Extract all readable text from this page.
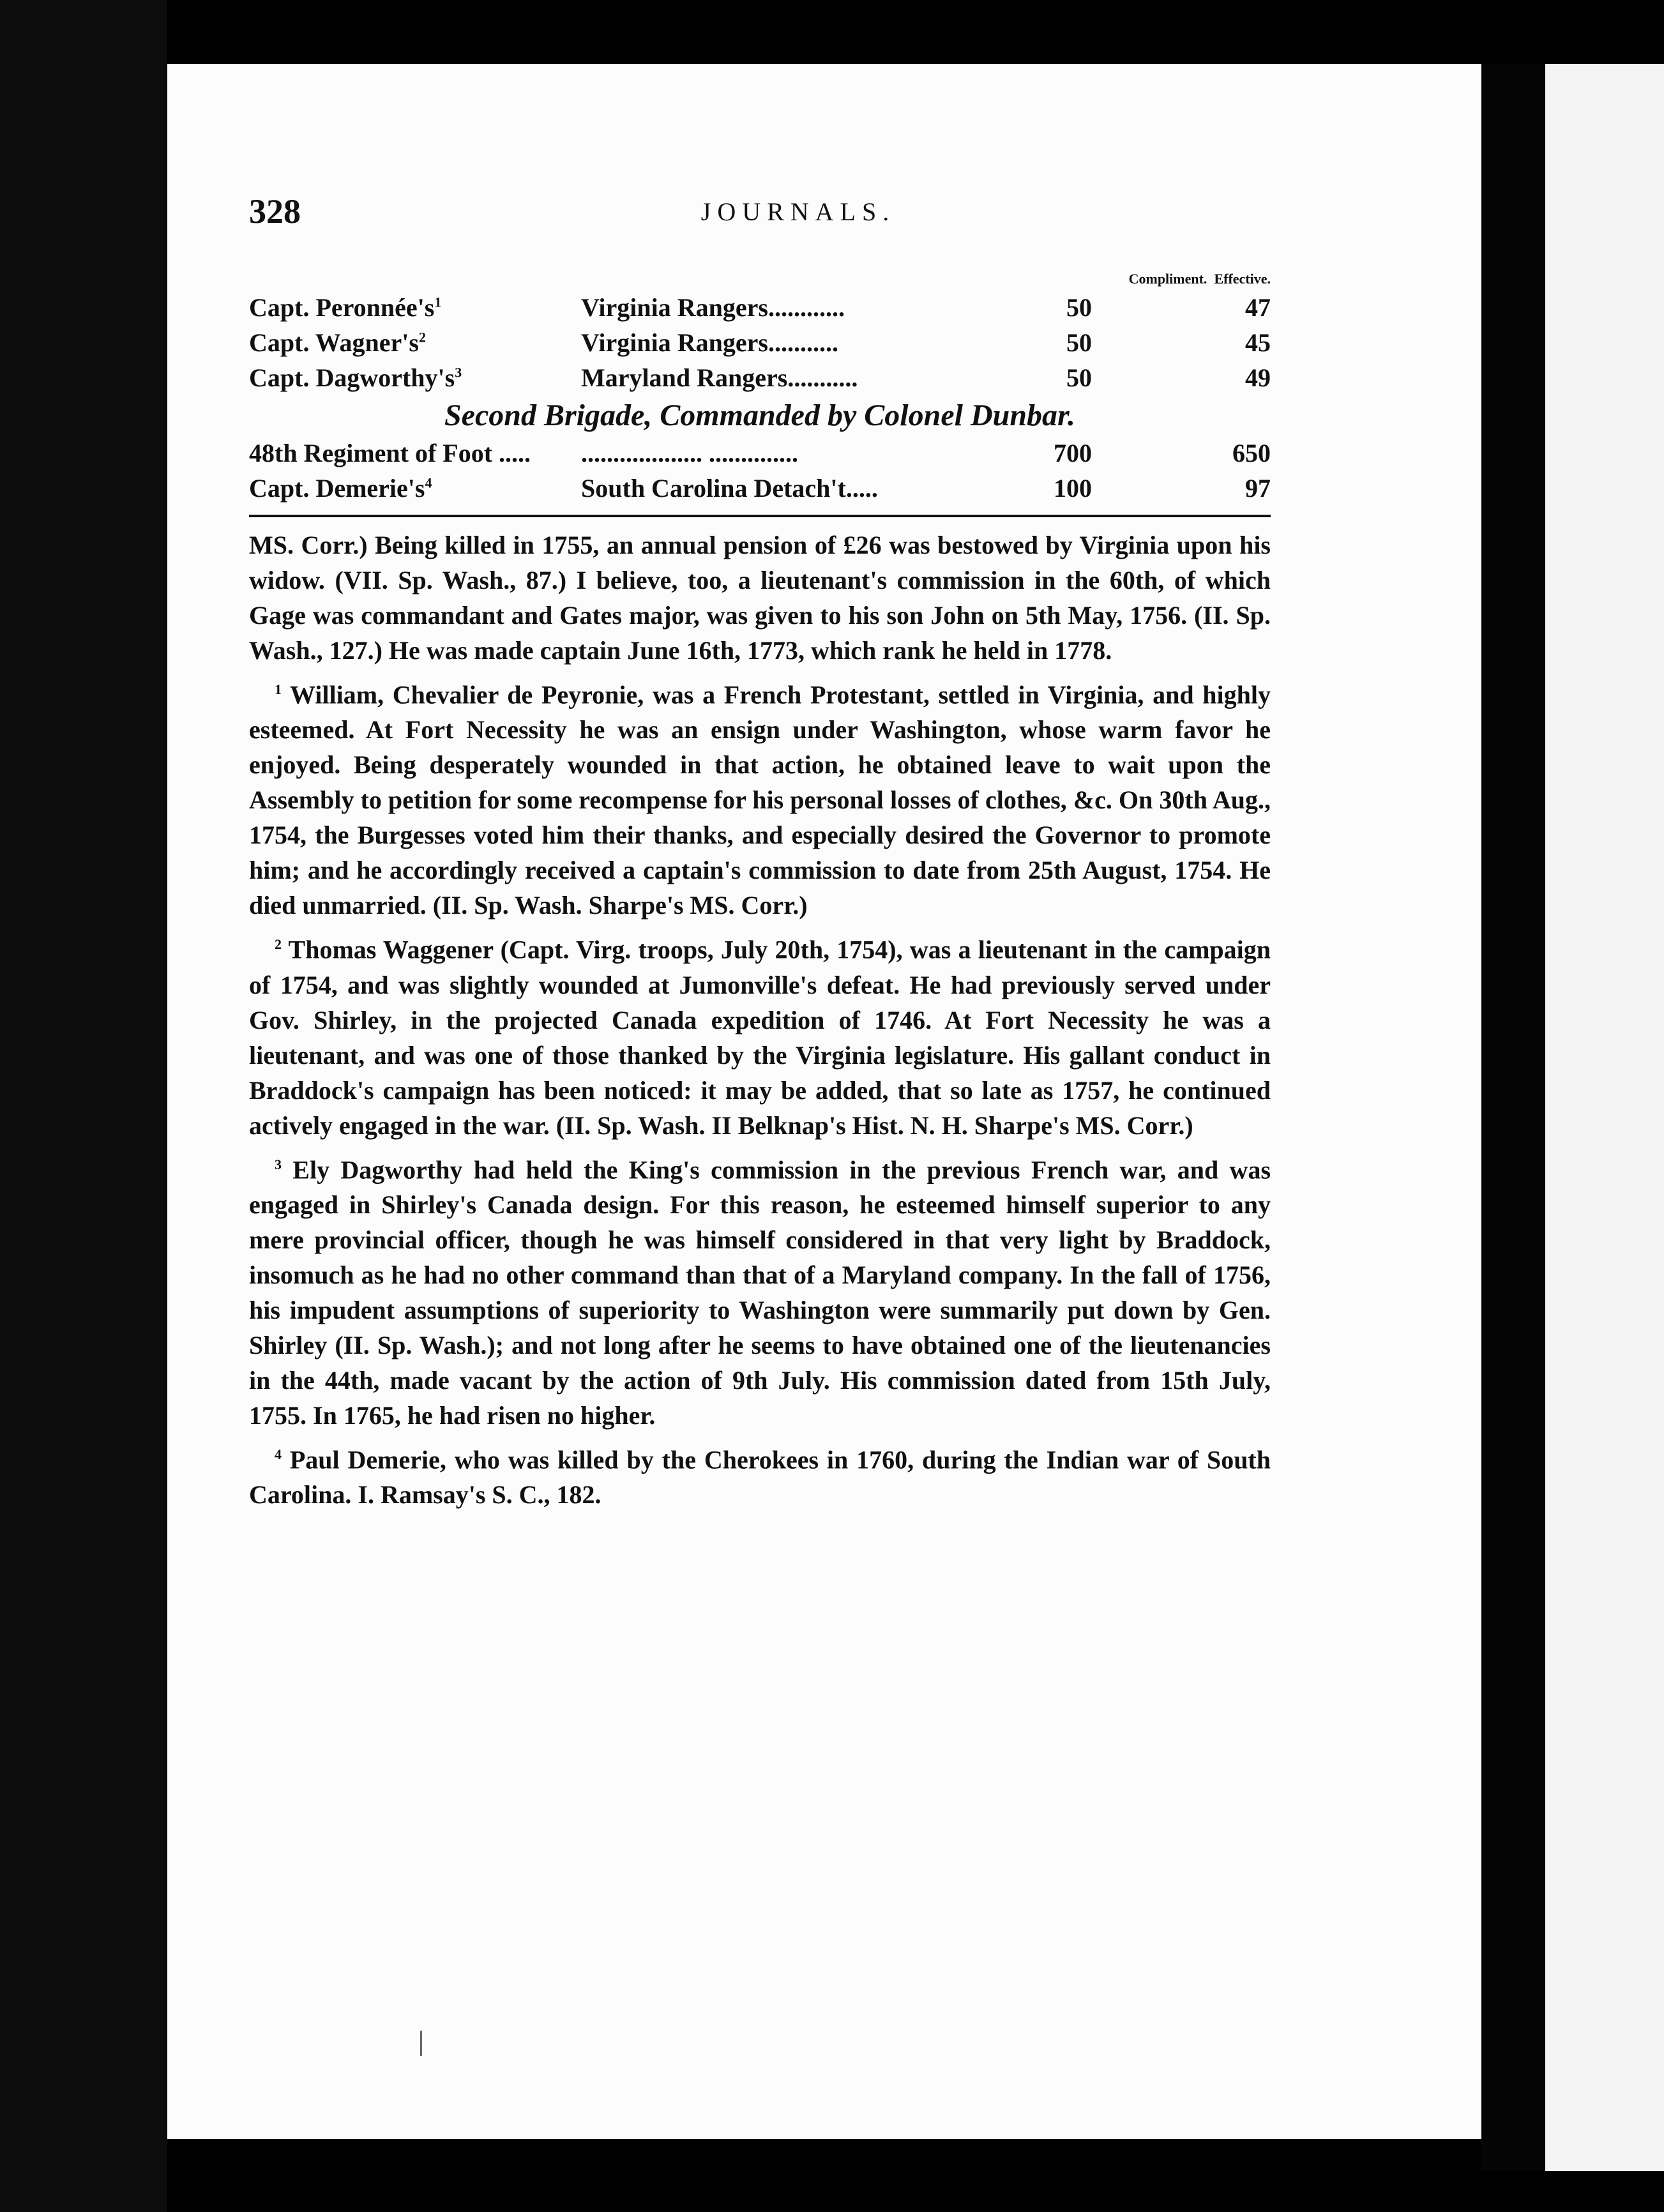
328	JOURNALS.
		Compliment. Effective.	
Capt. $Peronnée's^1$	Virginia Rangers............	50	47
Capt. $Wagner's^2$	Virginia Rangers...........	50	45
Capt. $Dagworthy's^3$	Maryland Rangers...........	50	49
Second Brigade, Commanded by Colonel Dunbar.			
48th Regiment of Foot .....	................... ..............	700	650
Capt. $Demerie's^4$	South Carolina Detach't.....	100	97

MS. Corr.) Being killed in 1755, an annual pension of £26 was bestowed by Virginia upon his widow. (VII. Sp. Wash., 87.) I believe, too, a lieutenant's commission in the 60th, of which Gage was commandant and Gates major, was given to his son John on 5th May, 1756. (II. Sp. Wash., 127.) He was made captain June 16th, 1773, which rank he held in 1778.

$^1$ William, Chevalier de Peyronie, was a French Protestant, settled in Virginia, and highly esteemed. At Fort Necessity he was an ensign under Washington, whose warm favor he enjoyed. Being desperately wounded in that action, he obtained leave to wait upon the Assembly to petition for some recompense for his personal losses of clothes, &c. On 30th Aug., 1754, the Burgesses voted him their thanks, and especially desired the Governor to promote him; and he accordingly received a captain's commission to date from 25th August, 1754. He died unmarried. (II. Sp. Wash. Sharpe's MS. Corr.)

$^2$ Thomas Waggener (Capt. Virg. troops, July 20th, 1754), was a lieutenant in the campaign of 1754, and was slightly wounded at Jumonville's defeat. He had previously served under Gov. Shirley, in the projected Canada expedition of 1746. At Fort Necessity he was a lieutenant, and was one of those thanked by the Virginia legislature. His gallant conduct in Braddock's campaign has been noticed: it may be added, that so late as 1757, he continued actively engaged in the war. (II. Sp. Wash. II Belknap's Hist. N. H. Sharpe's MS. Corr.)

$^3$ Ely Dagworthy had held the King's commission in the previous French war, and was engaged in Shirley's Canada design. For this reason, he esteemed himself superior to any mere provincial officer, though he was himself considered in that very light by Braddock, insomuch as he had no other command than that of a Maryland company. In the fall of 1756, his impudent assumptions of superiority to Washington were summarily put down by Gen. Shirley (II. Sp. Wash.); and not long after he seems to have obtained one of the lieutenancies in the 44th, made vacant by the action of 9th July. His commission dated from 15th July, 1755. In 1765, he had risen no higher.

$^4$ Paul Demerie, who was killed by the Cherokees in 1760, during the Indian war of South Carolina. I. Ramsay's S. C., 182.
